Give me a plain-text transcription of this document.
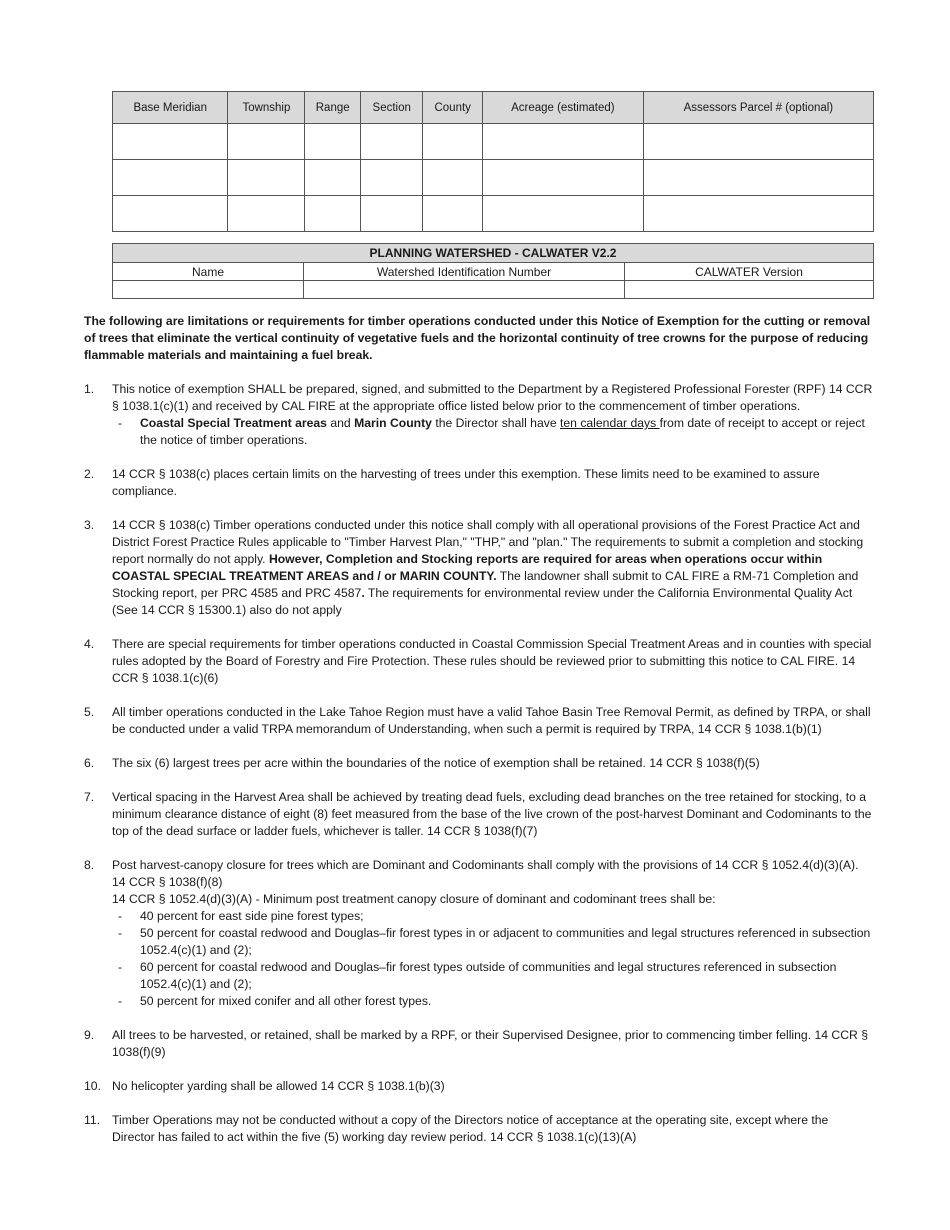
Base Meridian	Township	Range	Section	County	Acreage (estimated)	Assessors Parcel # (optional)

PLANNING WATERSHED - CALWATER V2.2		
Name	Watershed Identification Number	CALWATER Version

The following are limitations or requirements for timber operations conducted under this Notice of Exemption for the cutting or removal of trees that eliminate the vertical continuity of vegetative fuels and the horizontal continuity of tree crowns for the purpose of reducing flammable materials and maintaining a fuel break.
1.	This notice of exemption SHALL be prepared, signed, and submitted to the Department by a Registered Professional Forester (RPF) 14 CCR § 1038.1(c)(1) and received by CAL FIRE at the appropriate office listed below prior to the commencement of timber operations.
-	Coastal Special Treatment areas and Marin County the Director shall have ten calendar days from date of receipt to accept or reject the notice of timber operations.
2.	14 CCR § 1038(c) places certain limits on the harvesting of trees under this exemption. These limits need to be examined to assure compliance.
3.	14 CCR § 1038(c) Timber operations conducted under this notice shall comply with all operational provisions of the Forest Practice Act and District Forest Practice Rules applicable to "Timber Harvest Plan," "THP," and "plan." The requirements to submit a completion and stocking report normally do not apply. However, Completion and Stocking reports are required for areas when operations occur within COASTAL SPECIAL TREATMENT AREAS and / or MARIN COUNTY. The landowner shall submit to CAL FIRE a RM-71 Completion and Stocking report, per PRC 4585 and PRC 4587. The requirements for environmental review under the California Environmental Quality Act (See 14 CCR § 15300.1) also do not apply
4.	There are special requirements for timber operations conducted in Coastal Commission Special Treatment Areas and in counties with special rules adopted by the Board of Forestry and Fire Protection. These rules should be reviewed prior to submitting this notice to CAL FIRE. 14 CCR § 1038.1(c)(6)
5.	All timber operations conducted in the Lake Tahoe Region must have a valid Tahoe Basin Tree Removal Permit, as defined by TRPA, or shall be conducted under a valid TRPA memorandum of Understanding, when such a permit is required by TRPA, 14 CCR § 1038.1(b)(1)
6.	The six (6) largest trees per acre within the boundaries of the notice of exemption shall be retained. 14 CCR § 1038(f)(5)
7.	Vertical spacing in the Harvest Area shall be achieved by treating dead fuels, excluding dead branches on the tree retained for stocking, to a minimum clearance distance of eight (8) feet measured from the base of the live crown of the post-harvest Dominant and Codominants to the top of the dead surface or ladder fuels, whichever is taller. 14 CCR § 1038(f)(7)
8.	Post harvest-canopy closure for trees which are Dominant and Codominants shall comply with the provisions of 14 CCR § 1052.4(d)(3)(A). 14 CCR § 1038(f)(8)
14 CCR § 1052.4(d)(3)(A) - Minimum post treatment canopy closure of dominant and codominant trees shall be:
-	40 percent for east side pine forest types;
-	50 percent for coastal redwood and Douglas–fir forest types in or adjacent to communities and legal structures referenced in subsection 1052.4(c)(1) and (2);
-	60 percent for coastal redwood and Douglas–fir forest types outside of communities and legal structures referenced in subsection 1052.4(c)(1) and (2);
-	50 percent for mixed conifer and all other forest types.
9.	All trees to be harvested, or retained, shall be marked by a RPF, or their Supervised Designee, prior to commencing timber felling. 14 CCR § 1038(f)(9)
10. No helicopter yarding shall be allowed 14 CCR § 1038.1(b)(3)
11. Timber Operations may not be conducted without a copy of the Directors notice of acceptance at the operating site, except where the Director has failed to act within the five (5) working day review period. 14 CCR § 1038.1(c)(13)(A)
